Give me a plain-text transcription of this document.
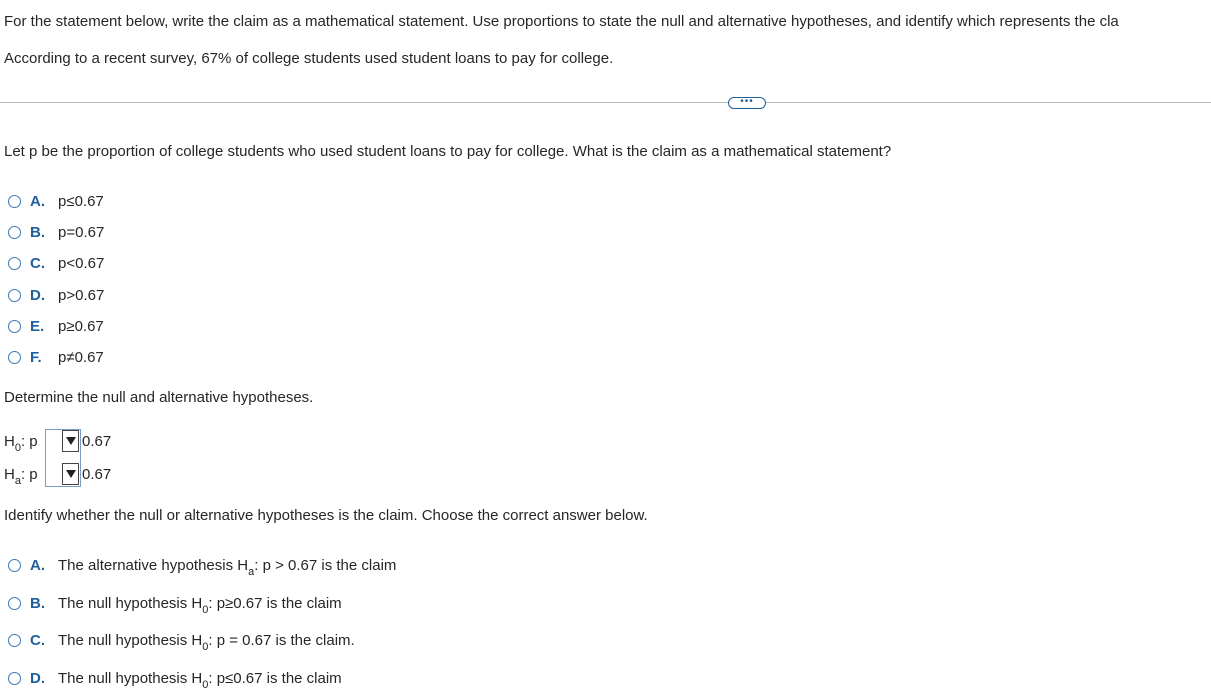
For the statement below, write the claim as a mathematical statement. Use proportions to state the null and alternative hypotheses, and identify which represents the cla
According to a recent survey, 67% of college students used student loans to pay for college.
•••
Let p be the proportion of college students who used student loans to pay for college. What is the claim as a mathematical statement?
A. p≤0.67
B. p=0.67
C. p<0.67
D. p>0.67
E. p≥0.67
F.	p≠0.67
Determine the null and alternative hypotheses.
$H_0$: p	0.67
$H_a$: p	0.67
Identify whether the null or alternative hypotheses is the claim. Choose the correct answer below.
A. The alternative hypothesis $H_a$: p > 0.67 is the claim
B. The null hypothesis $H_0$: p≥0.67 is the claim
C. The null hypothesis $H_0$: p = 0.67 is the claim.
D. The null hypothesis $H_0$: p≤0.67 is the claim
